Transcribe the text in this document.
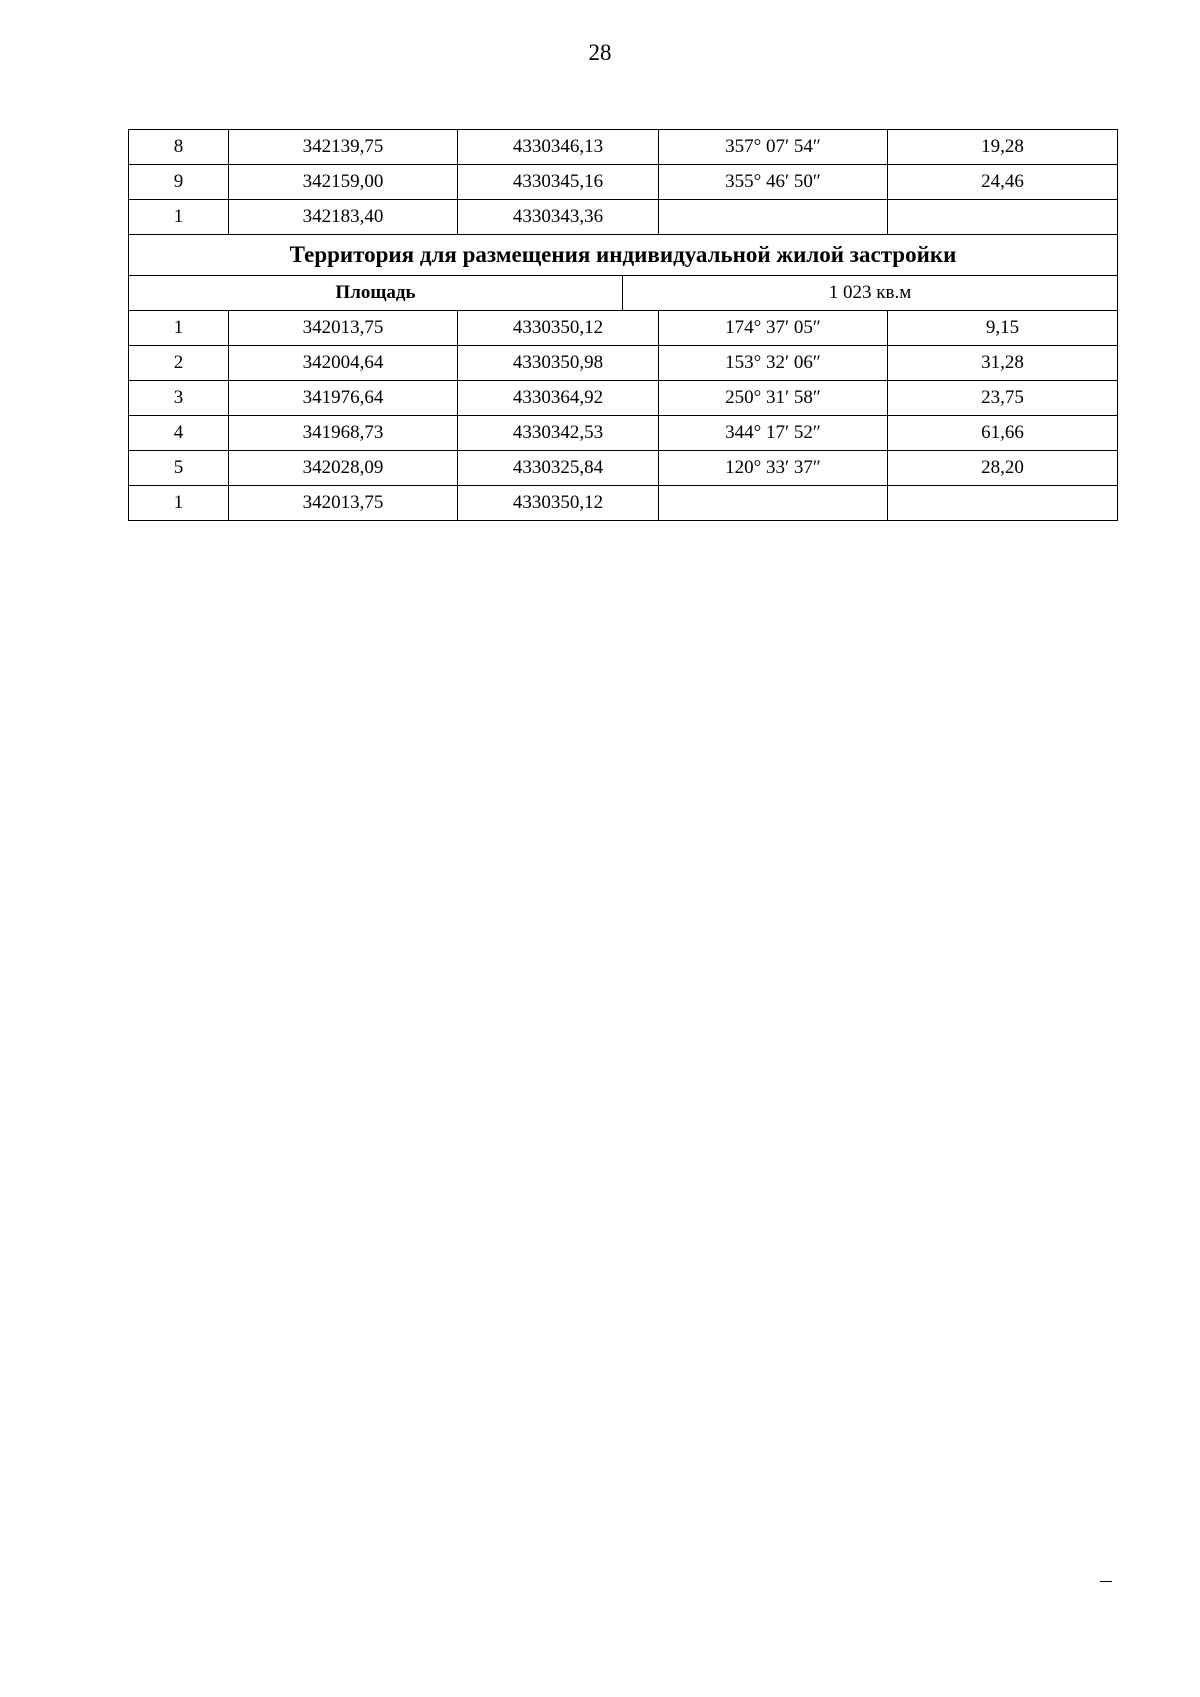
28
8	342139,75	4330346,13		357° 07′ 54″	19,28
9	342159,00	4330345,16		355° 46′ 50″	24,46
1	342183,40	4330343,36			
Территория для размещения индивидуальной жилой застройки					
Площадь			1 023 кв.м		
1	342013,75	4330350,12		174° 37′ 05″	9,15
2	342004,64	4330350,98		153° 32′ 06″	31,28
3	341976,64	4330364,92		250° 31′ 58″	23,75
4	341968,73	4330342,53		344° 17′ 52″	61,66
5	342028,09	4330325,84		120° 33′ 37″	28,20
1	342013,75	4330350,12			
